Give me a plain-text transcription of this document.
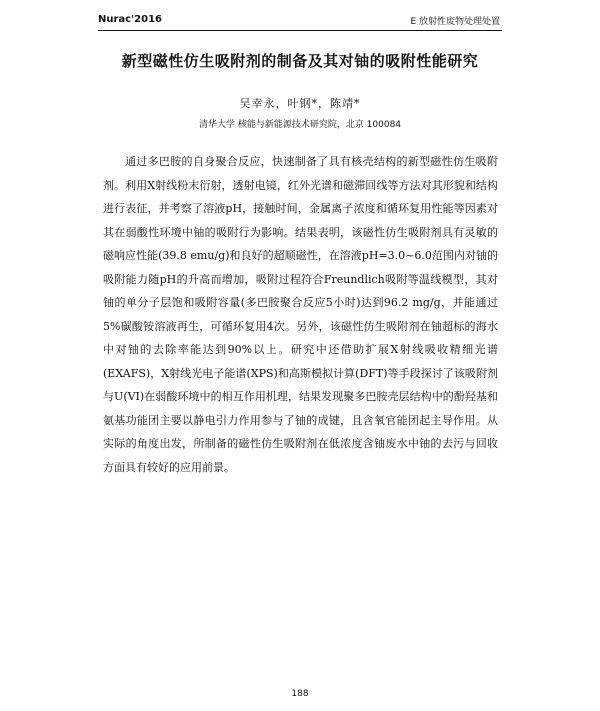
Nurac'2016	E 放射性废物处理处置
新型磁性仿生吸附剂的制备及其对铀的吸附性能研究
吴幸永，叶钢*，陈靖*
清华大学 核能与新能源技术研究院，北京 100084

通过多巴胺的自身聚合反应，快速制备了具有核壳结构的新型磁性仿生吸附剂。利用X射线粉末衍射，透射电镜，红外光谱和磁滞回线等方法对其形貌和结构进行表征，并考察了溶液pH，接触时间，金属离子浓度和循环复用性能等因素对其在弱酸性环境中铀的吸附行为影响。结果表明，该磁性仿生吸附剂具有灵敏的磁响应性能(39.8 emu/g)和良好的超顺磁性，在溶液pH=3.0~6.0范围内对铀的吸附能力随pH的升高而增加，吸附过程符合Freundlich吸附等温线模型，其对铀的单分子层饱和吸附容量(多巴胺聚合反应5小时)达到96.2 mg/g，并能通过5%碳酸铵溶液再生，可循环复用4次。另外，该磁性仿生吸附剂在铀超标的海水中对铀的去除率能达到90%以上。研究中还借助扩展X射线吸收精细光谱(EXAFS)，X射线光电子能谱(XPS)和高斯模拟计算(DFT)等手段探讨了该吸附剂与U(VI)在弱酸环境中的相互作用机理，结果发现聚多巴胺壳层结构中的酚羟基和氨基功能团主要以静电引力作用参与了铀的成键，且含氧官能团起主导作用。从实际的角度出发，所制备的磁性仿生吸附剂在低浓度含铀废水中铀的去污与回收方面具有较好的应用前景。

188
